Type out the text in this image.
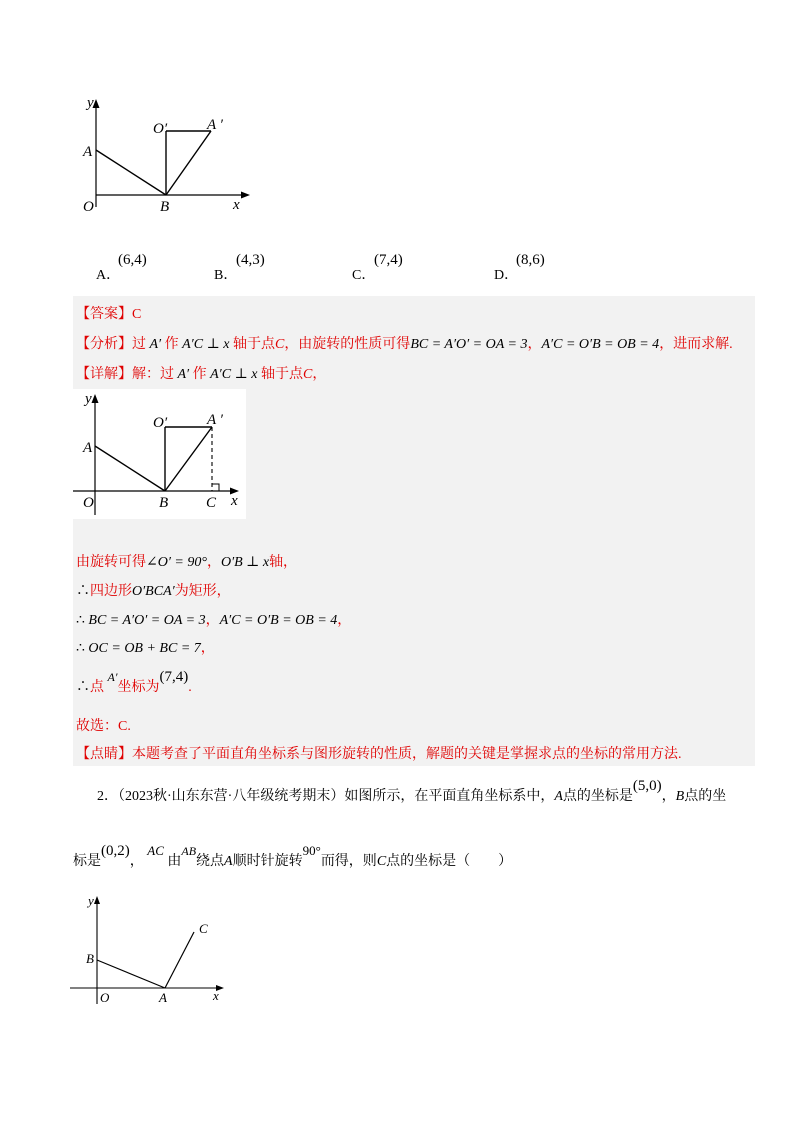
y
A
O′	A ′
O	B	x
A．
(6,4)
B．
(4,3)
C．
(7,4)
D．
(8,6)
【答案】C
【分析】过 A′ 作 A′C ⊥ x 轴于点C，由旋转的性质可得BC = A′O′ = OA = 3，A′C = O′B = OB = 4，进而求解.
【详解】解：过 A′ 作 A′C ⊥ x 轴于点C，
y
A
O′	A ′
O	B	C x
由旋转可得∠O′ = 90°，O′B ⊥ x轴，
∴四边形O′BCA′为矩形，
∴ BC = A′O′ = OA = 3，A′C = O′B = OB = 4，
∴ OC = OB + BC = 7，
∴点 A′坐标为(7,4).
故选：C.
【点睛】本题考查了平面直角坐标系与图形旋转的性质，解题的关键是掌握求点的坐标的常用方法.
2．（2023秋·山东东营·八年级统考期末）如图所示，在平面直角坐标系中，A点的坐标是(5,0)，B点的坐
标是(0,2)， AC 由AB绕点A顺时针旋转90°而得，则C点的坐标是（　　）
y
C
B
O	A	x
